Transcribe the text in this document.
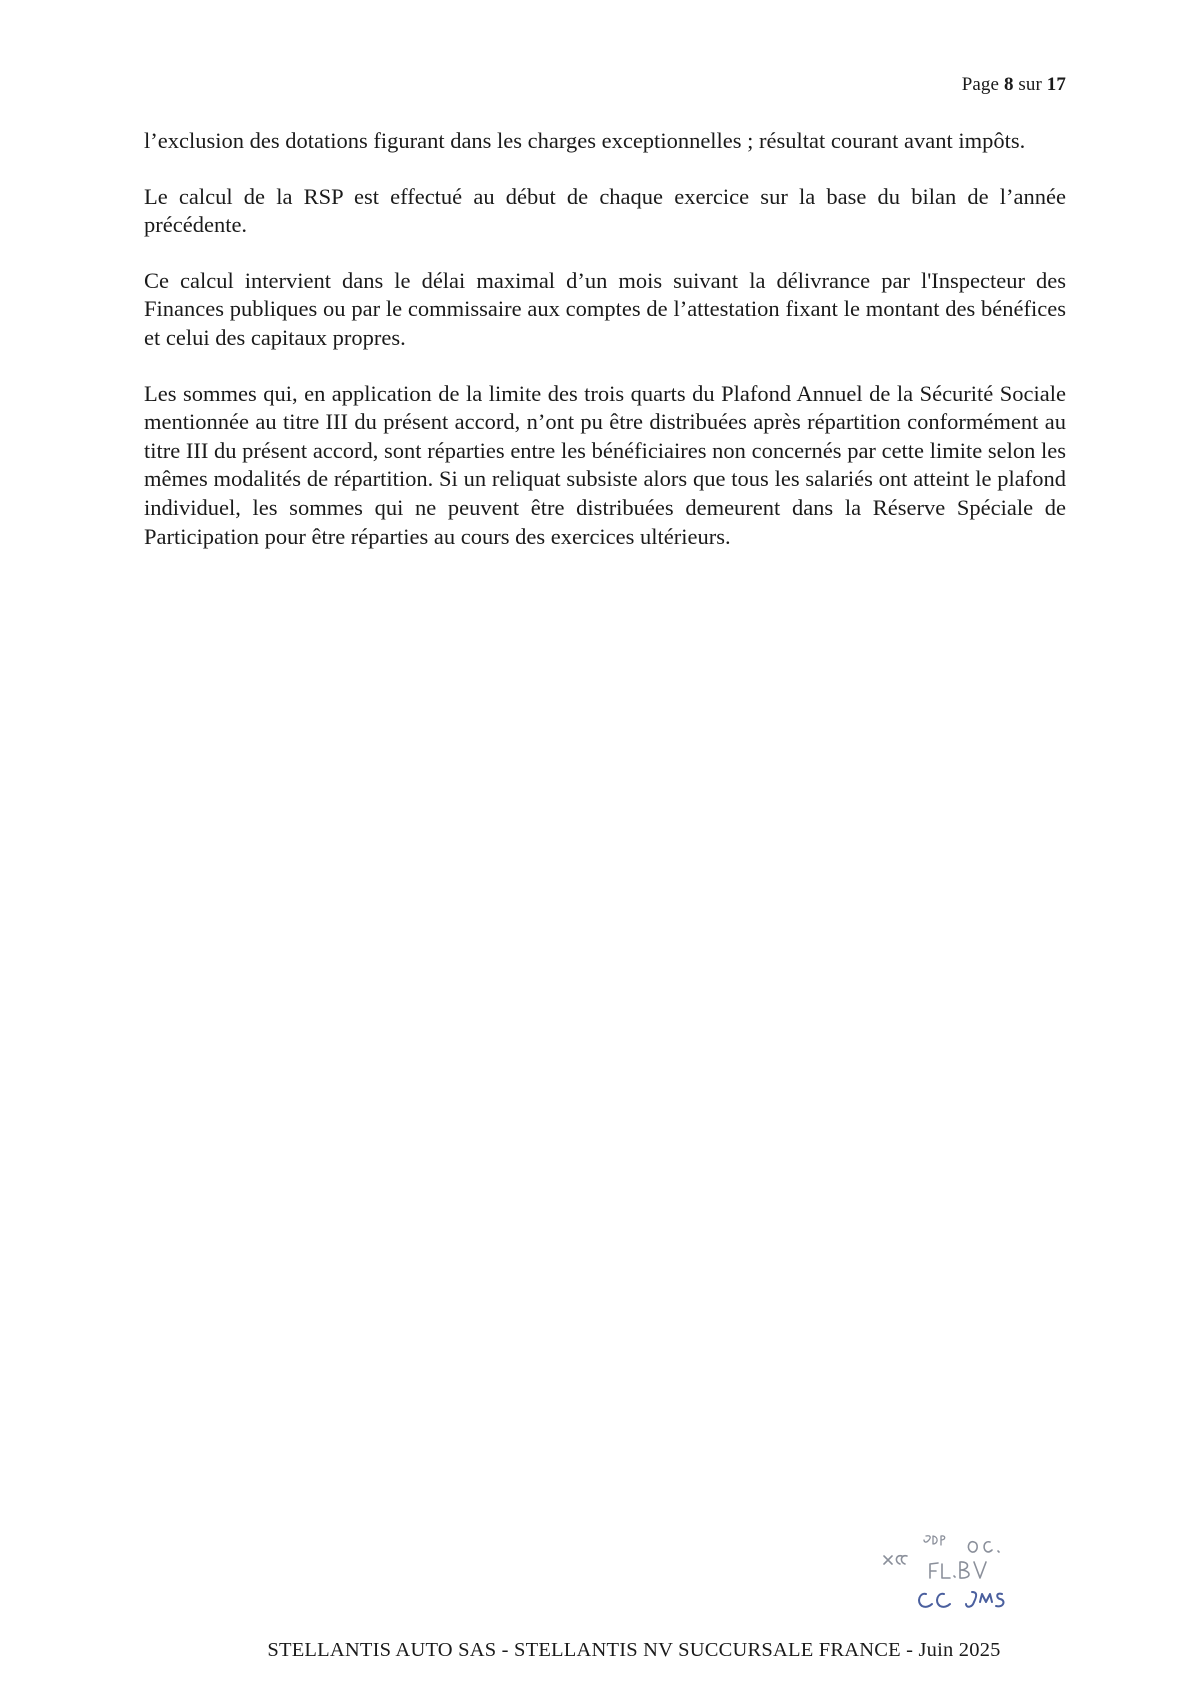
Page 8 sur 17

l’exclusion des dotations figurant dans les charges exceptionnelles ; résultat courant avant impôts.

Le calcul de la RSP est effectué au début de chaque exercice sur la base du bilan de l’année précédente.

Ce calcul intervient dans le délai maximal d’un mois suivant la délivrance par l'Inspecteur des Finances publiques ou par le commissaire aux comptes de l’attestation fixant le montant des bénéfices et celui des capitaux propres.

Les sommes qui, en application de la limite des trois quarts du Plafond Annuel de la Sécurité Sociale mentionnée au titre III du présent accord, n’ont pu être distribuées après répartition conformément au titre III du présent accord, sont réparties entre les bénéficiaires non concernés par cette limite selon les mêmes modalités de répartition. Si un reliquat subsiste alors que tous les salariés ont atteint le plafond individuel, les sommes qui ne peuvent être distribuées demeurent dans la Réserve Spéciale de Participation pour être réparties au cours des exercices ultérieurs.

STELLANTIS AUTO SAS - STELLANTIS NV SUCCURSALE FRANCE - Juin 2025
